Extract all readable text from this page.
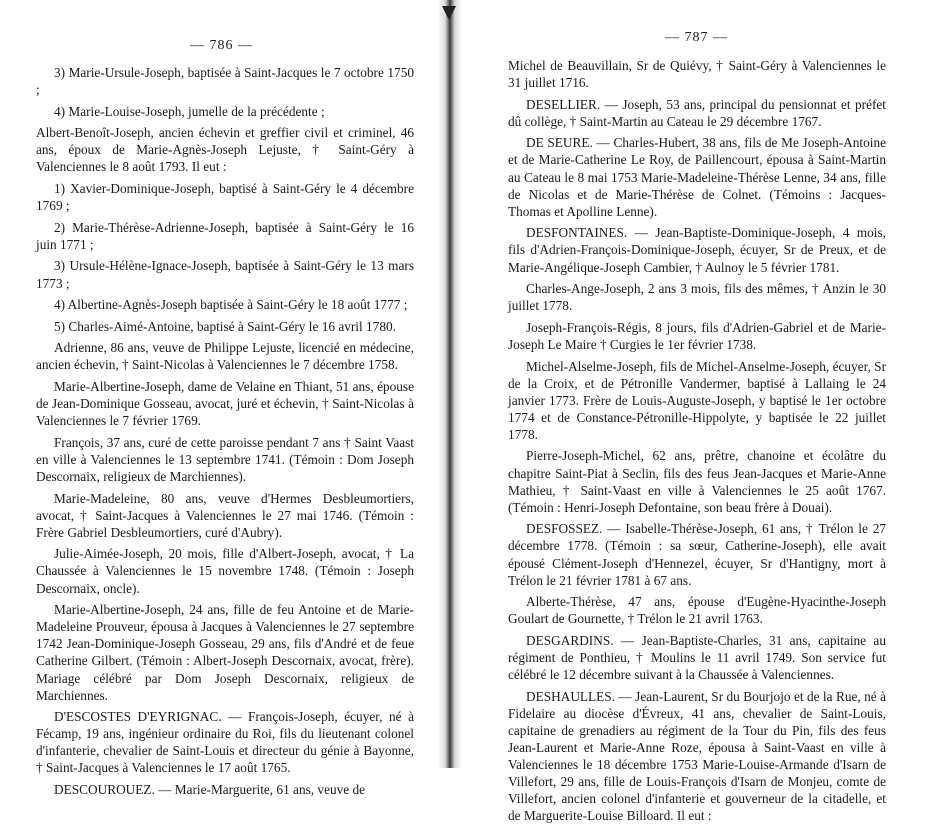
— 786 —

3) Marie-Ursule-Joseph, baptisée à Saint-Jacques le 7 octobre 1750 ;

4) Marie-Louise-Joseph, jumelle de la précédente ;

Albert-Benoît-Joseph, ancien échevin et greffier civil et criminel, 46 ans, époux de Marie-Agnès-Joseph Lejuste, † Saint-Géry à Valenciennes le 8 août 1793. Il eut :

1) Xavier-Dominique-Joseph, baptisé à Saint-Géry le 4 décembre 1769 ;

2) Marie-Thérèse-Adrienne-Joseph, baptisée à Saint-Géry le 16 juin 1771 ;

3) Ursule-Hélène-Ignace-Joseph, baptisée à Saint-Géry le 13 mars 1773 ;

4) Albertine-Agnès-Joseph baptisée à Saint-Géry le 18 août 1777 ;

5) Charles-Aimé-Antoine, baptisé à Saint-Géry le 16 avril 1780.

Adrienne, 86 ans, veuve de Philippe Lejuste, licencié en médecine, ancien échevin, † Saint-Nicolas à Valenciennes le 7 décembre 1758.

Marie-Albertine-Joseph, dame de Velaine en Thiant, 51 ans, épouse de Jean-Dominique Gosseau, avocat, juré et échevin, † Saint-Nicolas à Valenciennes le 7 février 1769.

François, 37 ans, curé de cette paroisse pendant 7 ans † Saint Vaast en ville à Valenciennes le 13 septembre 1741. (Témoin : Dom Joseph Descornaix, religieux de Marchiennes).

Marie-Madeleine, 80 ans, veuve d'Hermes Desbleumortiers, avocat, † Saint-Jacques à Valenciennes le 27 mai 1746. (Témoin : Frère Gabriel Desbleumortiers, curé d'Aubry).

Julie-Aimée-Joseph, 20 mois, fille d'Albert-Joseph, avocat, † La Chaussée à Valenciennes le 15 novembre 1748. (Témoin : Joseph Descornaix, oncle).

Marie-Albertine-Joseph, 24 ans, fille de feu Antoine et de Marie-Madeleine Prouveur, épousa à Jacques à Valenciennes le 27 septembre 1742 Jean-Dominique-Joseph Gosseau, 29 ans, fils d'André et de feue Catherine Gilbert. (Témoin : Albert-Joseph Descornaix, avocat, frère). Mariage célébré par Dom Joseph Descornaix, religieux de Marchiennes.

D'ESCOSTES D'EYRIGNAC. — François-Joseph, écuyer, né à Fécamp, 19 ans, ingénieur ordinaire du Roi, fils du lieutenant colonel d'infanterie, chevalier de Saint-Louis et directeur du génie à Bayonne, † Saint-Jacques à Valenciennes le 17 août 1765.

DESCOUROUEZ. — Marie-Marguerite, 61 ans, veuve de

— 787 —

Michel de Beauvillain, Sr de Quiévy, † Saint-Géry à Valenciennes le 31 juillet 1716.

DESELLIER. — Joseph, 53 ans, principal du pensionnat et préfet dû collège, † Saint-Martin au Cateau le 29 décembre 1767.

DE SEURE. — Charles-Hubert, 38 ans, fils de Me Joseph-Antoine et de Marie-Catherine Le Roy, de Paillencourt, épousa à Saint-Martin au Cateau le 8 mai 1753 Marie-Madeleine-Thérèse Lenne, 34 ans, fille de Nicolas et de Marie-Thérèse de Colnet. (Témoins : Jacques-Thomas et Apolline Lenne).

DESFONTAINES. — Jean-Baptiste-Dominique-Joseph, 4 mois, fils d'Adrien-François-Dominique-Joseph, écuyer, Sr de Preux, et de Marie-Angélique-Joseph Cambier, † Aulnoy le 5 février 1781.

Charles-Ange-Joseph, 2 ans 3 mois, fils des mêmes, † Anzin le 30 juillet 1778.

Joseph-François-Régis, 8 jours, fils d'Adrien-Gabriel et de Marie-Joseph Le Maire † Curgies le 1er février 1738.

Michel-Alselme-Joseph, fils de Michel-Anselme-Joseph, écuyer, Sr de la Croix, et de Pétronille Vandermer, baptisé à Lallaing le 24 janvier 1773. Frère de Louis-Auguste-Joseph, y baptisé le 1er octobre 1774 et de Constance-Pétronille-Hippolyte, y baptisée le 22 juillet 1778.

Pierre-Joseph-Michel, 62 ans, prêtre, chanoine et écolâtre du chapitre Saint-Piat à Seclin, fils des feus Jean-Jacques et Marie-Anne Mathieu, † Saint-Vaast en ville à Valenciennes le 25 août 1767. (Témoin : Henri-Joseph Defontaine, son beau frère à Douai).

DESFOSSEZ. — Isabelle-Thérèse-Joseph, 61 ans, † Trélon le 27 décembre 1778. (Témoin : sa sœur, Catherine-Joseph), elle avait épousé Clément-Joseph d'Hennezel, écuyer, Sr d'Hantigny, mort à Trélon le 21 février 1781 à 67 ans.

Alberte-Thérèse, 47 ans, épouse d'Eugène-Hyacinthe-Joseph Goulart de Gournette, † Trélon le 21 avril 1763.

DESGARDINS. — Jean-Baptiste-Charles, 31 ans, capitaine au régiment de Ponthieu, † Moulins le 11 avril 1749. Son service fut célébré le 12 décembre suivant à la Chaussée à Valenciennes.

DESHAULLES. — Jean-Laurent, Sr du Bourjojo et de la Rue, né à Fidelaire au diocèse d'Évreux, 41 ans, chevalier de Saint-Louis, capitaine de grenadiers au régiment de la Tour du Pin, fils des feus Jean-Laurent et Marie-Anne Roze, épousa à Saint-Vaast en ville à Valenciennes le 18 décembre 1753 Marie-Louise-Armande d'Isarn de Villefort, 29 ans, fille de Louis-François d'Isarn de Monjeu, comte de Villefort, ancien colonel d'infanterie et gouverneur de la citadelle, et de Marguerite-Louise Billoard. Il eut :
